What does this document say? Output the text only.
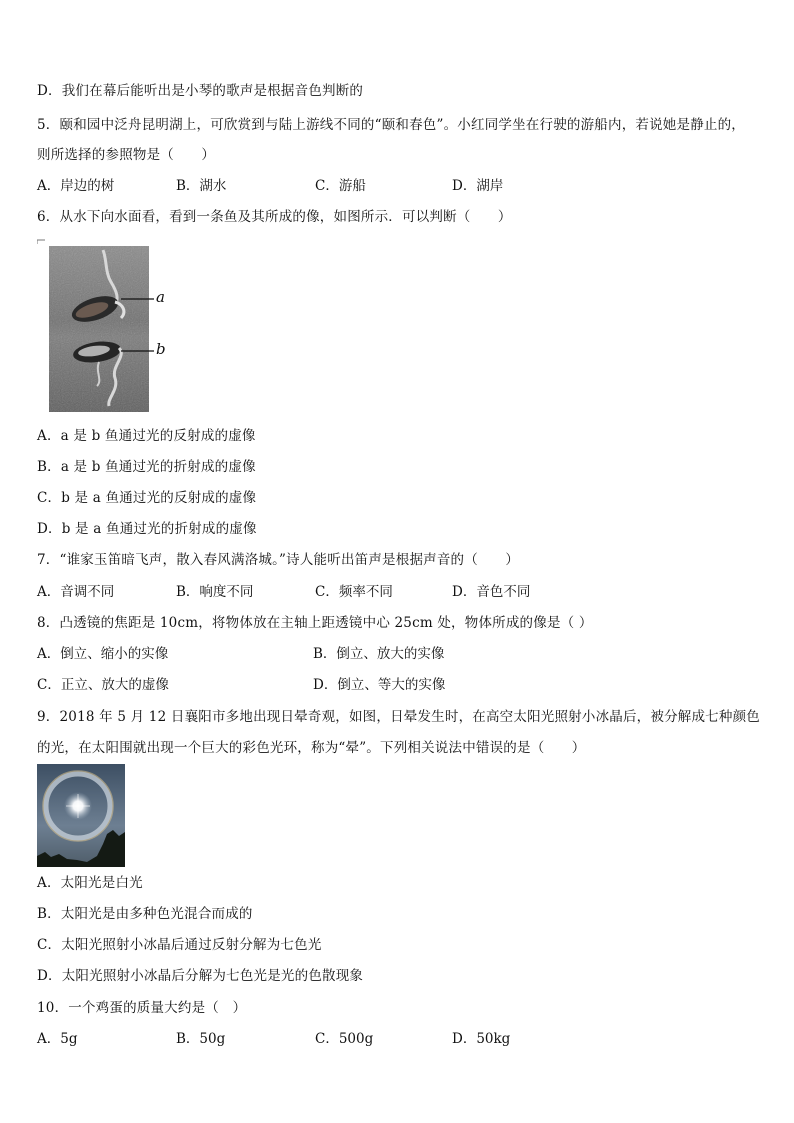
D．我们在幕后能听出是小琴的歌声是根据音色判断的
5．颐和园中泛舟昆明湖上，可欣赏到与陆上游线不同的“颐和春色”。小红同学坐在行驶的游船内，若说她是静止的，
则所选择的参照物是（　　）
A．岸边的树	B．湖水	C．游船	D．湖岸
6．从水下向水面看，看到一条鱼及其所成的像，如图所示．可以判断（　　）
a
b
A．a 是 b 鱼通过光的反射成的虚像
B．a 是 b 鱼通过光的折射成的虚像
C．b 是 a 鱼通过光的反射成的虚像
D．b 是 a 鱼通过光的折射成的虚像
7．“谁家玉笛暗飞声，散入春风满洛城。”诗人能听出笛声是根据声音的（　　）
A．音调不同	B．响度不同	C．频率不同	D．音色不同
8．凸透镜的焦距是 10cm，将物体放在主轴上距透镜中心 25cm 处，物体所成的像是（ ）
A．倒立、缩小的实像	B．倒立、放大的实像
C．正立、放大的虚像	D．倒立、等大的实像
9．2018 年 5 月 12 日襄阳市多地出现日晕奇观，如图，日晕发生时，在高空太阳光照射小冰晶后，被分解成七种颜色
的光，在太阳围就出现一个巨大的彩色光环，称为“晕”。下列相关说法中错误的是（　　）
A．太阳光是白光
B．太阳光是由多种色光混合而成的
C．太阳光照射小冰晶后通过反射分解为七色光
D．太阳光照射小冰晶后分解为七色光是光的色散现象
10．一个鸡蛋的质量大约是（　）
A．5g	B．50g	C．500g	D．50kg
